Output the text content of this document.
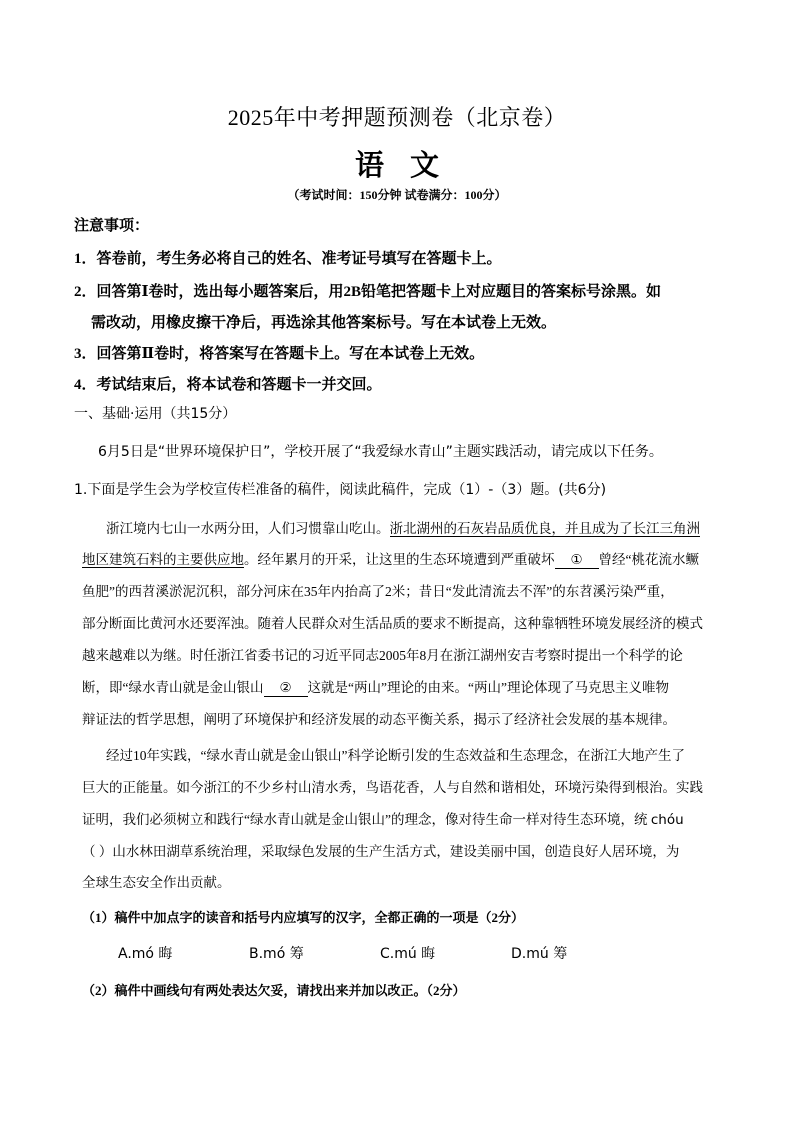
2025年中考押题预测卷（北京卷）
语文
（考试时间：150分钟 试卷满分：100分）
注意事项：
1．答卷前，考生务必将自己的姓名、准考证号填写在答题卡上。
2．回答第Ⅰ卷时，选出每小题答案后，用2B铅笔把答题卡上对应题目的答案标号涂黑。如
需改动，用橡皮擦干净后，再选涂其他答案标号。写在本试卷上无效。
3．回答第Ⅱ卷时，将答案写在答题卡上。写在本试卷上无效。
4．考试结束后，将本试卷和答题卡一并交回。
一、基础·运用（共15分）
6月5日是“世界环境保护日”，学校开展了“我爱绿水青山”主题实践活动，请完成以下任务。
1.下面是学生会为学校宣传栏准备的稿件，阅读此稿件，完成（1）-（3）题。(共6分)
浙江境内七山一水两分田，人们习惯靠山吃山。浙北湖州的石灰岩品质优良，并且成为了长江三角洲
地区建筑石料的主要供应地。经年累月的开采，让这里的生态环境遭到严重破坏 ① 曾经“桃花流水鳜
鱼肥”的西苕溪淤泥沉积，部分河床在35年内抬高了2米；昔日“发此清流去不浑”的东苕溪污染严重，
部分断面比黄河水还要浑浊。随着人民群众对生活品质的要求不断提高，这种靠牺牲环境发展经济的模式
越来越难以为继。时任浙江省委书记的习近平同志2005年8月在浙江湖州安吉考察时提出一个科学的论
断，即“绿水青山就是金山银山 ② 这就是“两山”理论的由来。“两山”理论体现了马克思主义唯物
辩证法的哲学思想，阐明了环境保护和经济发展的动态平衡关系，揭示了经济社会发展的基本规律。
经过10年实践，“绿水青山就是金山银山”科学论断引发的生态效益和生态理念，在浙江大地产生了
巨大的正能量。如今浙江的不少乡村山清水秀，鸟语花香，人与自然和谐相处，环境污染得到根治。实践
证明，我们必须树立和践行“绿水青山就是金山银山”的理念，像对待生命一样对待生态环境，统 chóu
（ ）山水林田湖草系统治理，采取绿色发展的生产生活方式，建设美丽中国，创造良好人居环境，为
全球生态安全作出贡献。
（1）稿件中加点字的读音和括号内应填写的汉字，全都正确的一项是（2分）
A.mó 晦	B.mó 筹	C.mú 晦	D.mú 筹
（2）稿件中画线句有两处表达欠妥，请找出来并加以改正。（2分）
